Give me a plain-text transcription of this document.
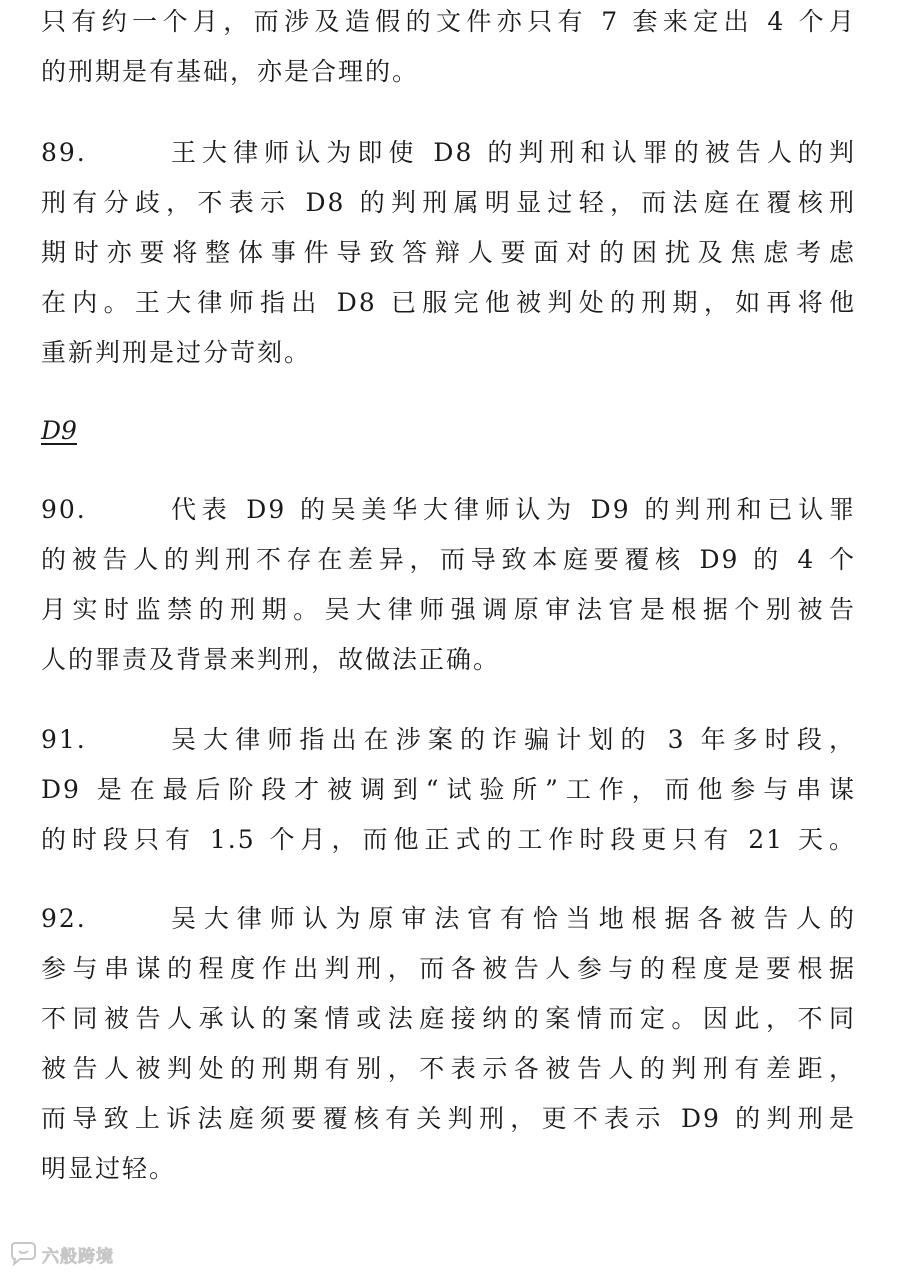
只有约一个月，而涉及造假的文件亦只有 7 套来定出 4 个月
的刑期是有基础，亦是合理的。
89.	王大律师认为即使 D8 的判刑和认罪的被告人的判
刑有分歧，不表示 D8 的判刑属明显过轻，而法庭在覆核刑
期时亦要将整体事件导致答辩人要面对的困扰及焦虑考虑
在内。王大律师指出 D8 已服完他被判处的刑期，如再将他
重新判刑是过分苛刻。
D9
90.	代表 D9 的吴美华大律师认为 D9 的判刑和已认罪
的被告人的判刑不存在差异，而导致本庭要覆核 D9 的 4 个
月实时监禁的刑期。吴大律师强调原审法官是根据个别被告
人的罪责及背景来判刑，故做法正确。
91.	吴大律师指出在涉案的诈骗计划的 3 年多时段，
D9 是在最后阶段才被调到“试验所”工作，而他参与串谋
的时段只有 1.5 个月，而他正式的工作时段更只有 21 天。
92.	吴大律师认为原审法官有恰当地根据各被告人的
参与串谋的程度作出判刑，而各被告人参与的程度是要根据
不同被告人承认的案情或法庭接纳的案情而定。因此，不同
被告人被判处的刑期有别，不表示各被告人的判刑有差距，
而导致上诉法庭须要覆核有关判刑，更不表示 D9 的判刑是
明显过轻。
六般跨境
